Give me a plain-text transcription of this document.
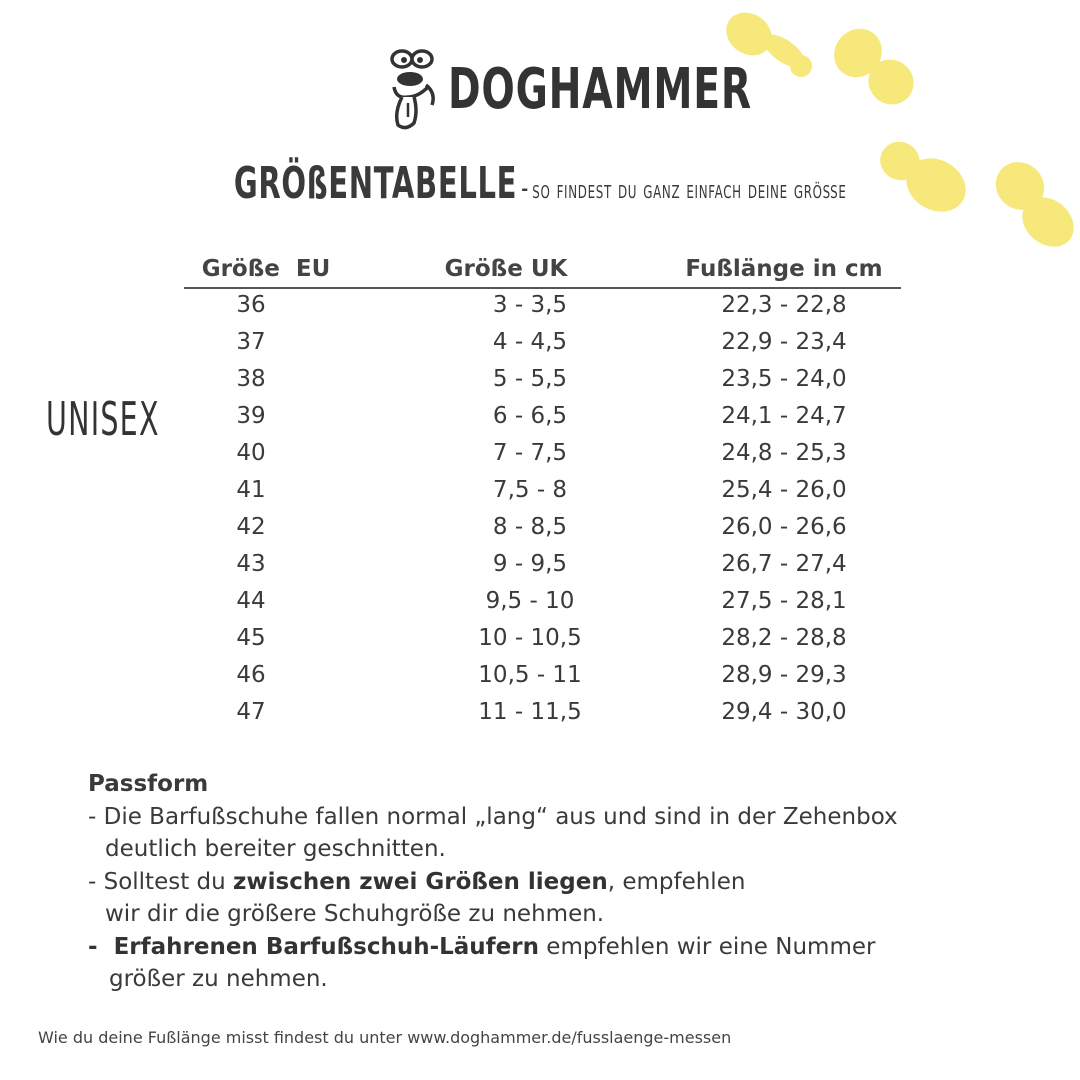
DOGHAMMER
GRÖßENTABELLE - so findest du ganz einfach deine größe
UNISEX
Größe  EU	Größe UK	Fußlänge in cm
36	3 - 3,5	22,3 - 22,8
37	4 - 4,5	22,9 - 23,4
38	5 - 5,5	23,5 - 24,0
39	6 - 6,5	24,1 - 24,7
40	7 - 7,5	24,8 - 25,3
41	7,5 - 8	25,4 - 26,0
42	8 - 8,5	26,0 - 26,6
43	9 - 9,5	26,7 - 27,4
44	9,5 - 10	27,5 - 28,1
45	10 - 10,5	28,2 - 28,8
46	10,5 - 11	28,9 - 29,3
47	11 - 11,5	29,4 - 30,0
Passform
- Die Barfußschuhe fallen normal „lang“ aus und sind in der Zehenbox
deutlich bereiter geschnitten.
- Solltest du zwischen zwei Größen liegen, empfehlen
wir dir die größere Schuhgröße zu nehmen.
-  Erfahrenen Barfußschuh-Läufern empfehlen wir eine Nummer
größer zu nehmen.
Wie du deine Fußlänge misst findest du unter www.doghammer.de/fusslaenge-messen
